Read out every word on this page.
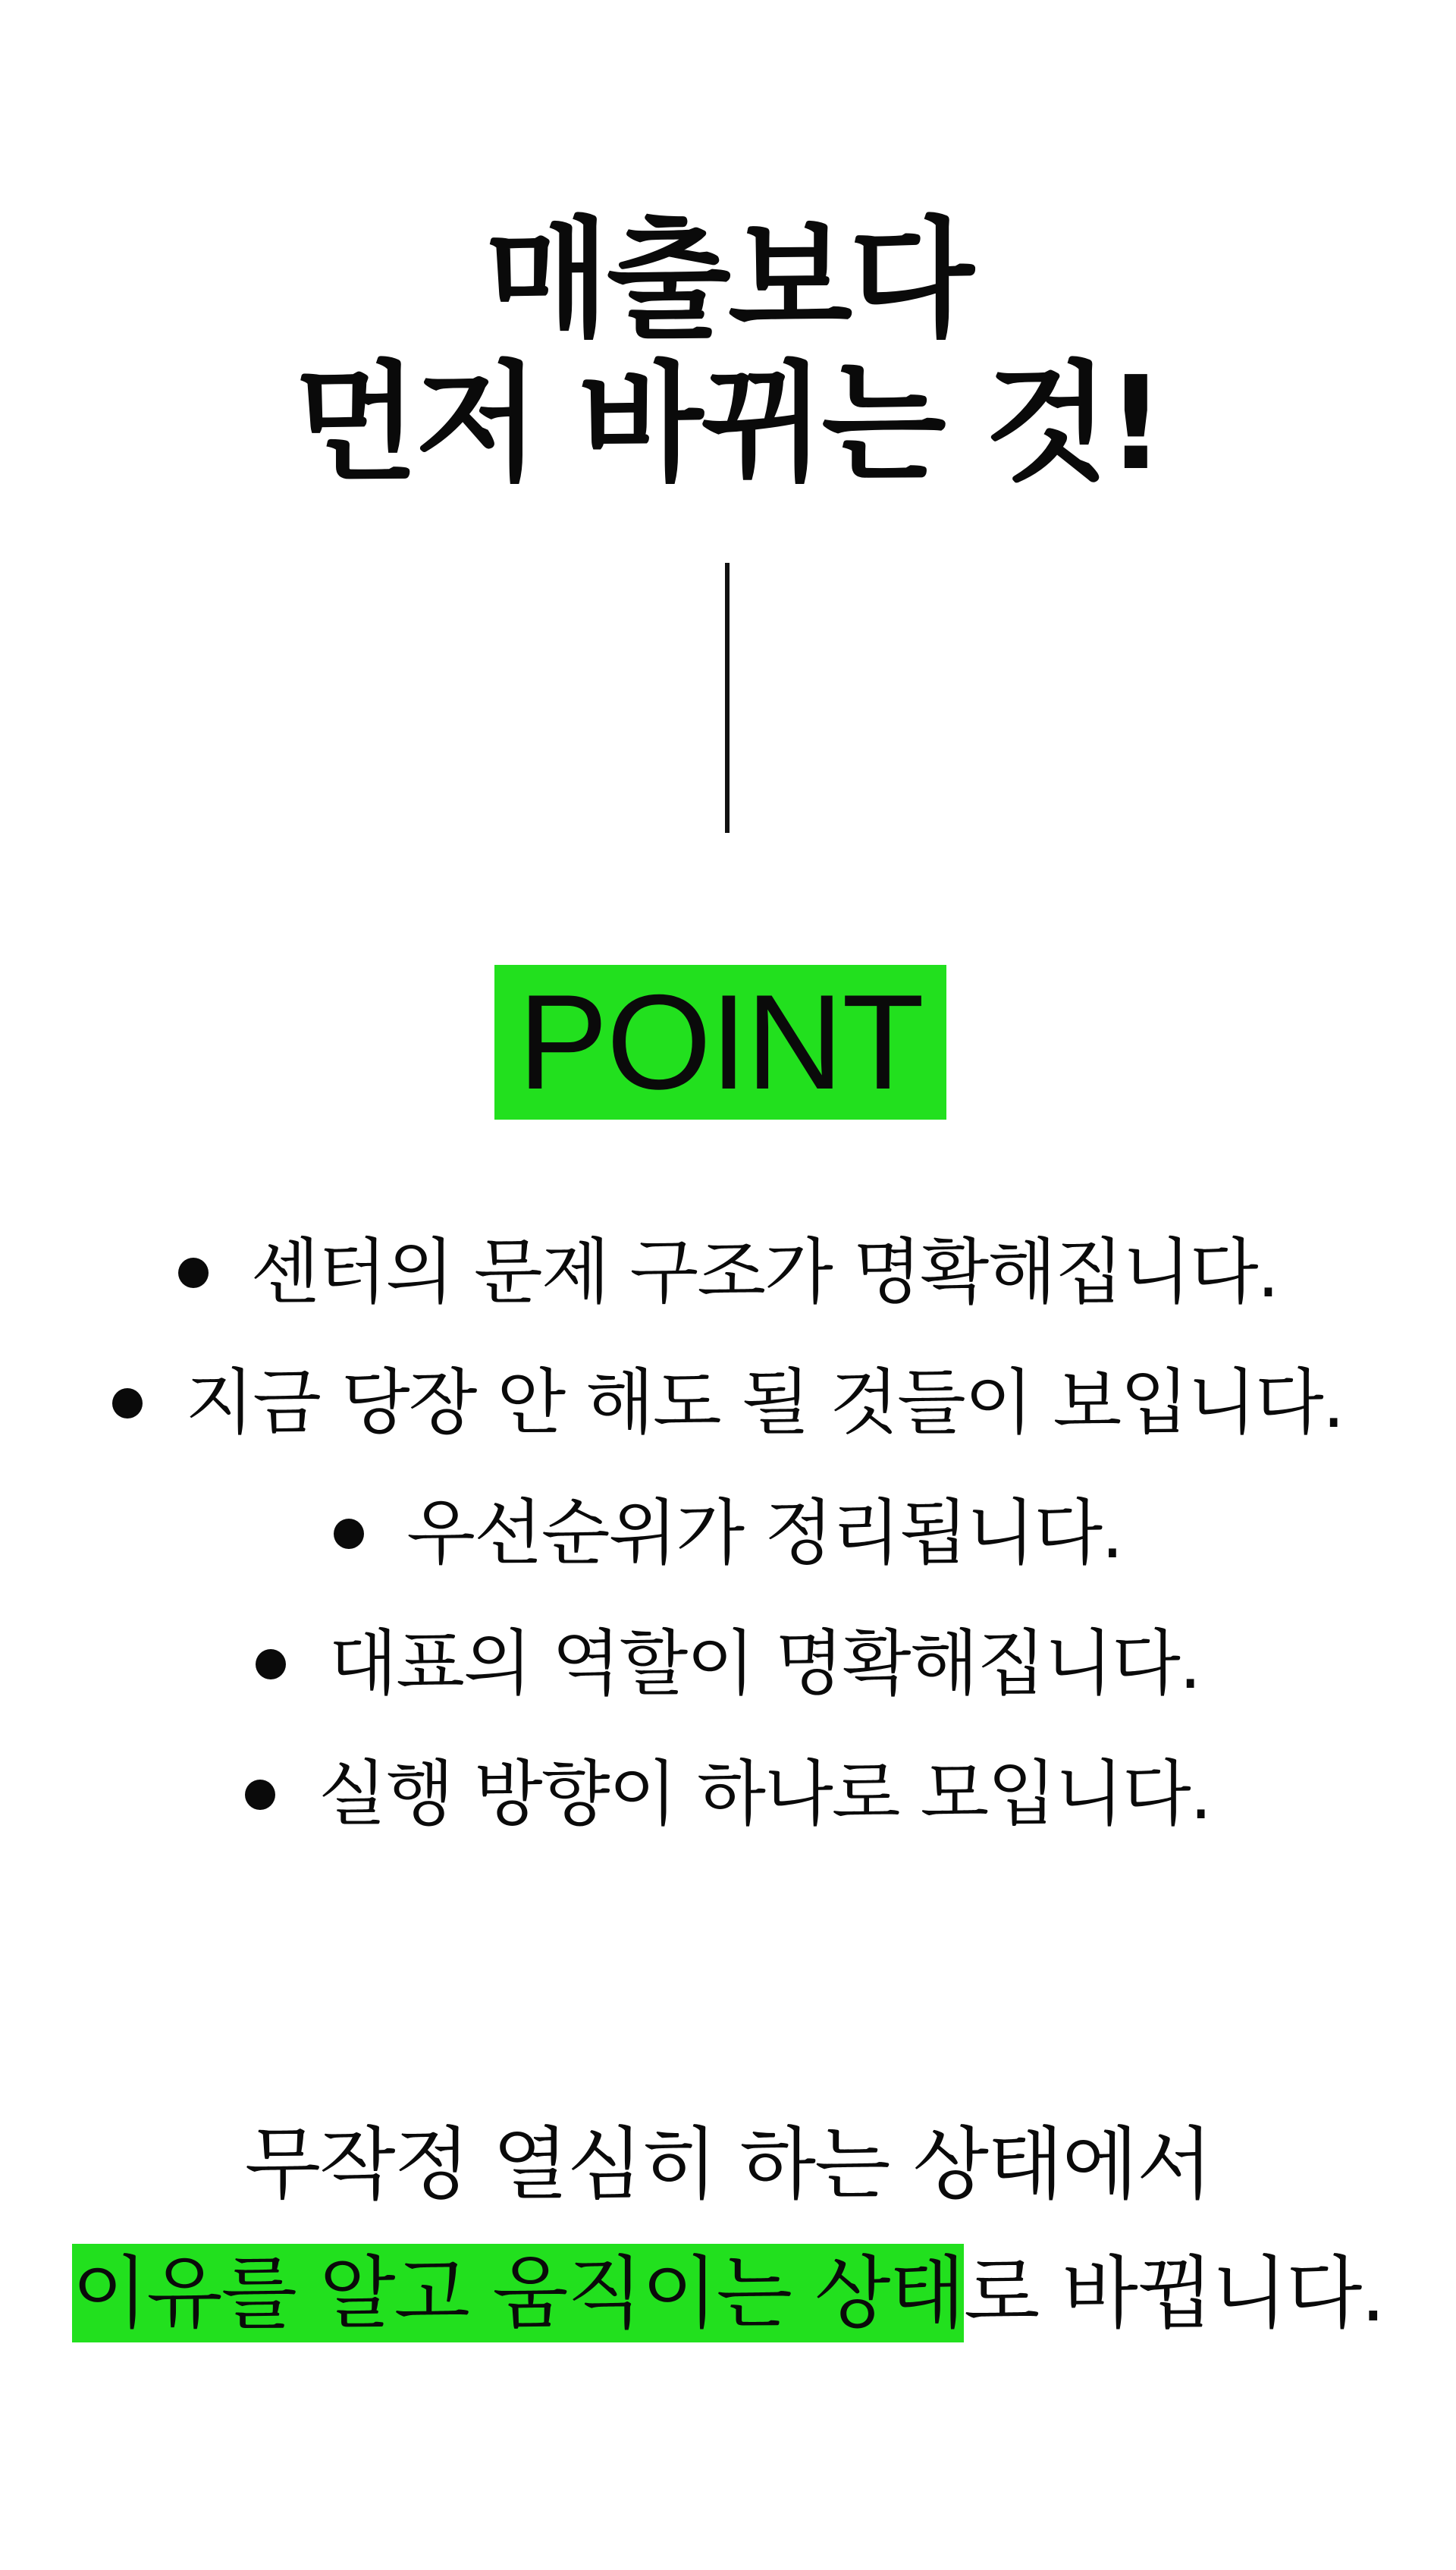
매출보다
먼저 바뀌는 것!
POINT
센터의 문제 구조가 명확해집니다.
지금 당장 안 해도 될 것들이 보입니다.
우선순위가 정리됩니다.
대표의 역할이 명확해집니다.
실행 방향이 하나로 모입니다.
무작정 열심히 하는 상태에서
이유를 알고 움직이는 상태로 바뀝니다.
